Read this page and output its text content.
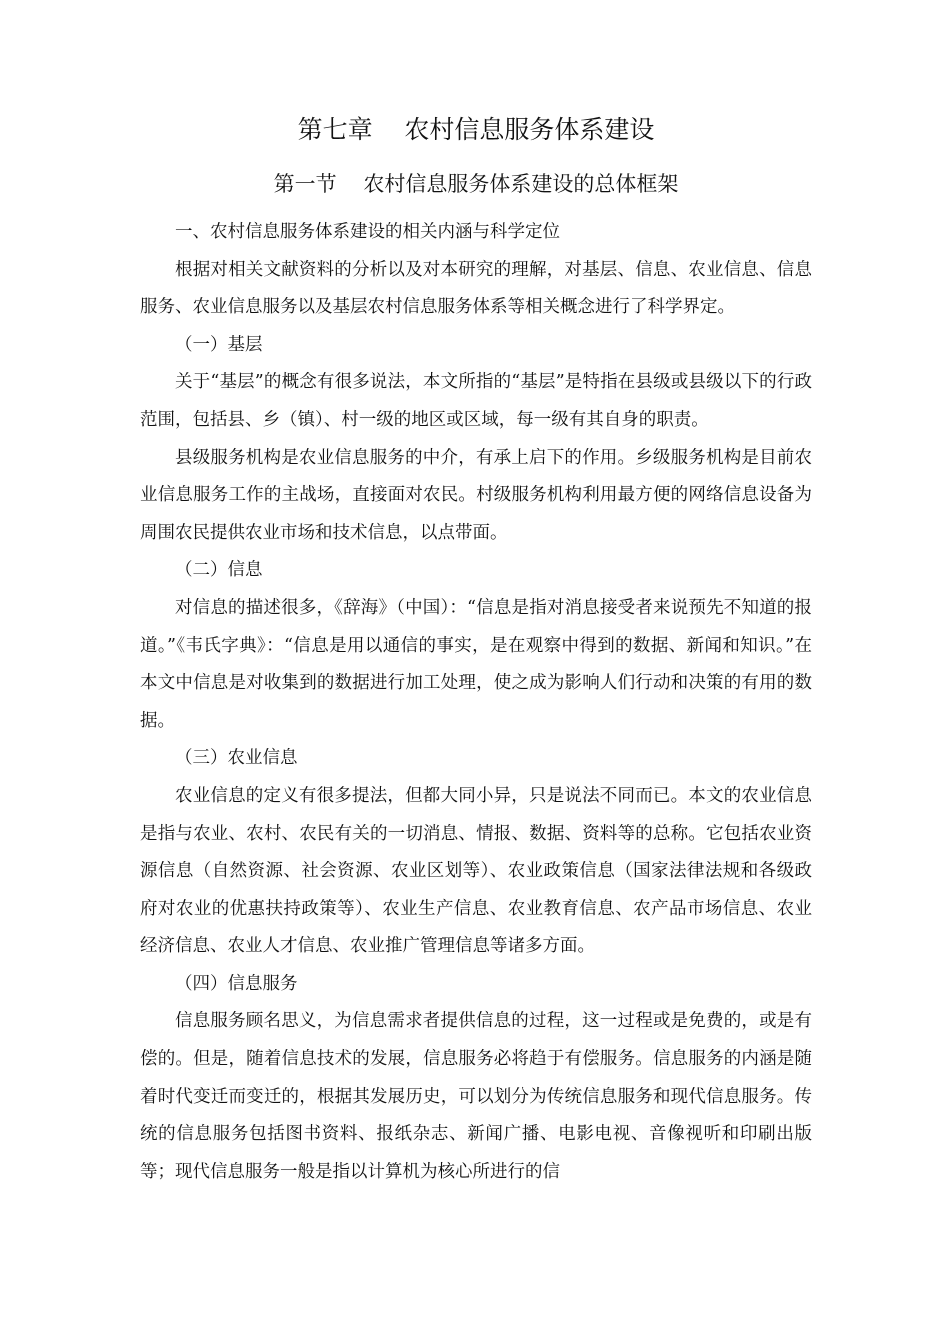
第七章    农村信息服务体系建设
第一节    农村信息服务体系建设的总体框架

一、农村信息服务体系建设的相关内涵与科学定位

根据对相关文献资料的分析以及对本研究的理解，对基层、信息、农业信息、信息服务、农业信息服务以及基层农村信息服务体系等相关概念进行了科学界定。

（一）基层

关于“基层”的概念有很多说法，本文所指的“基层”是特指在县级或县级以下的行政范围，包括县、乡（镇）、村一级的地区或区域，每一级有其自身的职责。

县级服务机构是农业信息服务的中介，有承上启下的作用。乡级服务机构是目前农业信息服务工作的主战场，直接面对农民。村级服务机构利用最方便的网络信息设备为周围农民提供农业市场和技术信息，以点带面。

（二）信息

对信息的描述很多，《辞海》（中国）：“信息是指对消息接受者来说预先不知道的报道。”《韦氏字典》：“信息是用以通信的事实，是在观察中得到的数据、新闻和知识。”在本文中信息是对收集到的数据进行加工处理，使之成为影响人们行动和决策的有用的数据。

（三）农业信息

农业信息的定义有很多提法，但都大同小异，只是说法不同而已。本文的农业信息是指与农业、农村、农民有关的一切消息、情报、数据、资料等的总称。它包括农业资源信息（自然资源、社会资源、农业区划等）、农业政策信息（国家法律法规和各级政府对农业的优惠扶持政策等）、农业生产信息、农业教育信息、农产品市场信息、农业经济信息、农业人才信息、农业推广管理信息等诸多方面。

（四）信息服务

信息服务顾名思义，为信息需求者提供信息的过程，这一过程或是免费的，或是有偿的。但是，随着信息技术的发展，信息服务必将趋于有偿服务。信息服务的内涵是随着时代变迁而变迁的，根据其发展历史，可以划分为传统信息服务和现代信息服务。传统的信息服务包括图书资料、报纸杂志、新闻广播、电影电视、音像视听和印刷出版等；现代信息服务一般是指以计算机为核心所进行的信
